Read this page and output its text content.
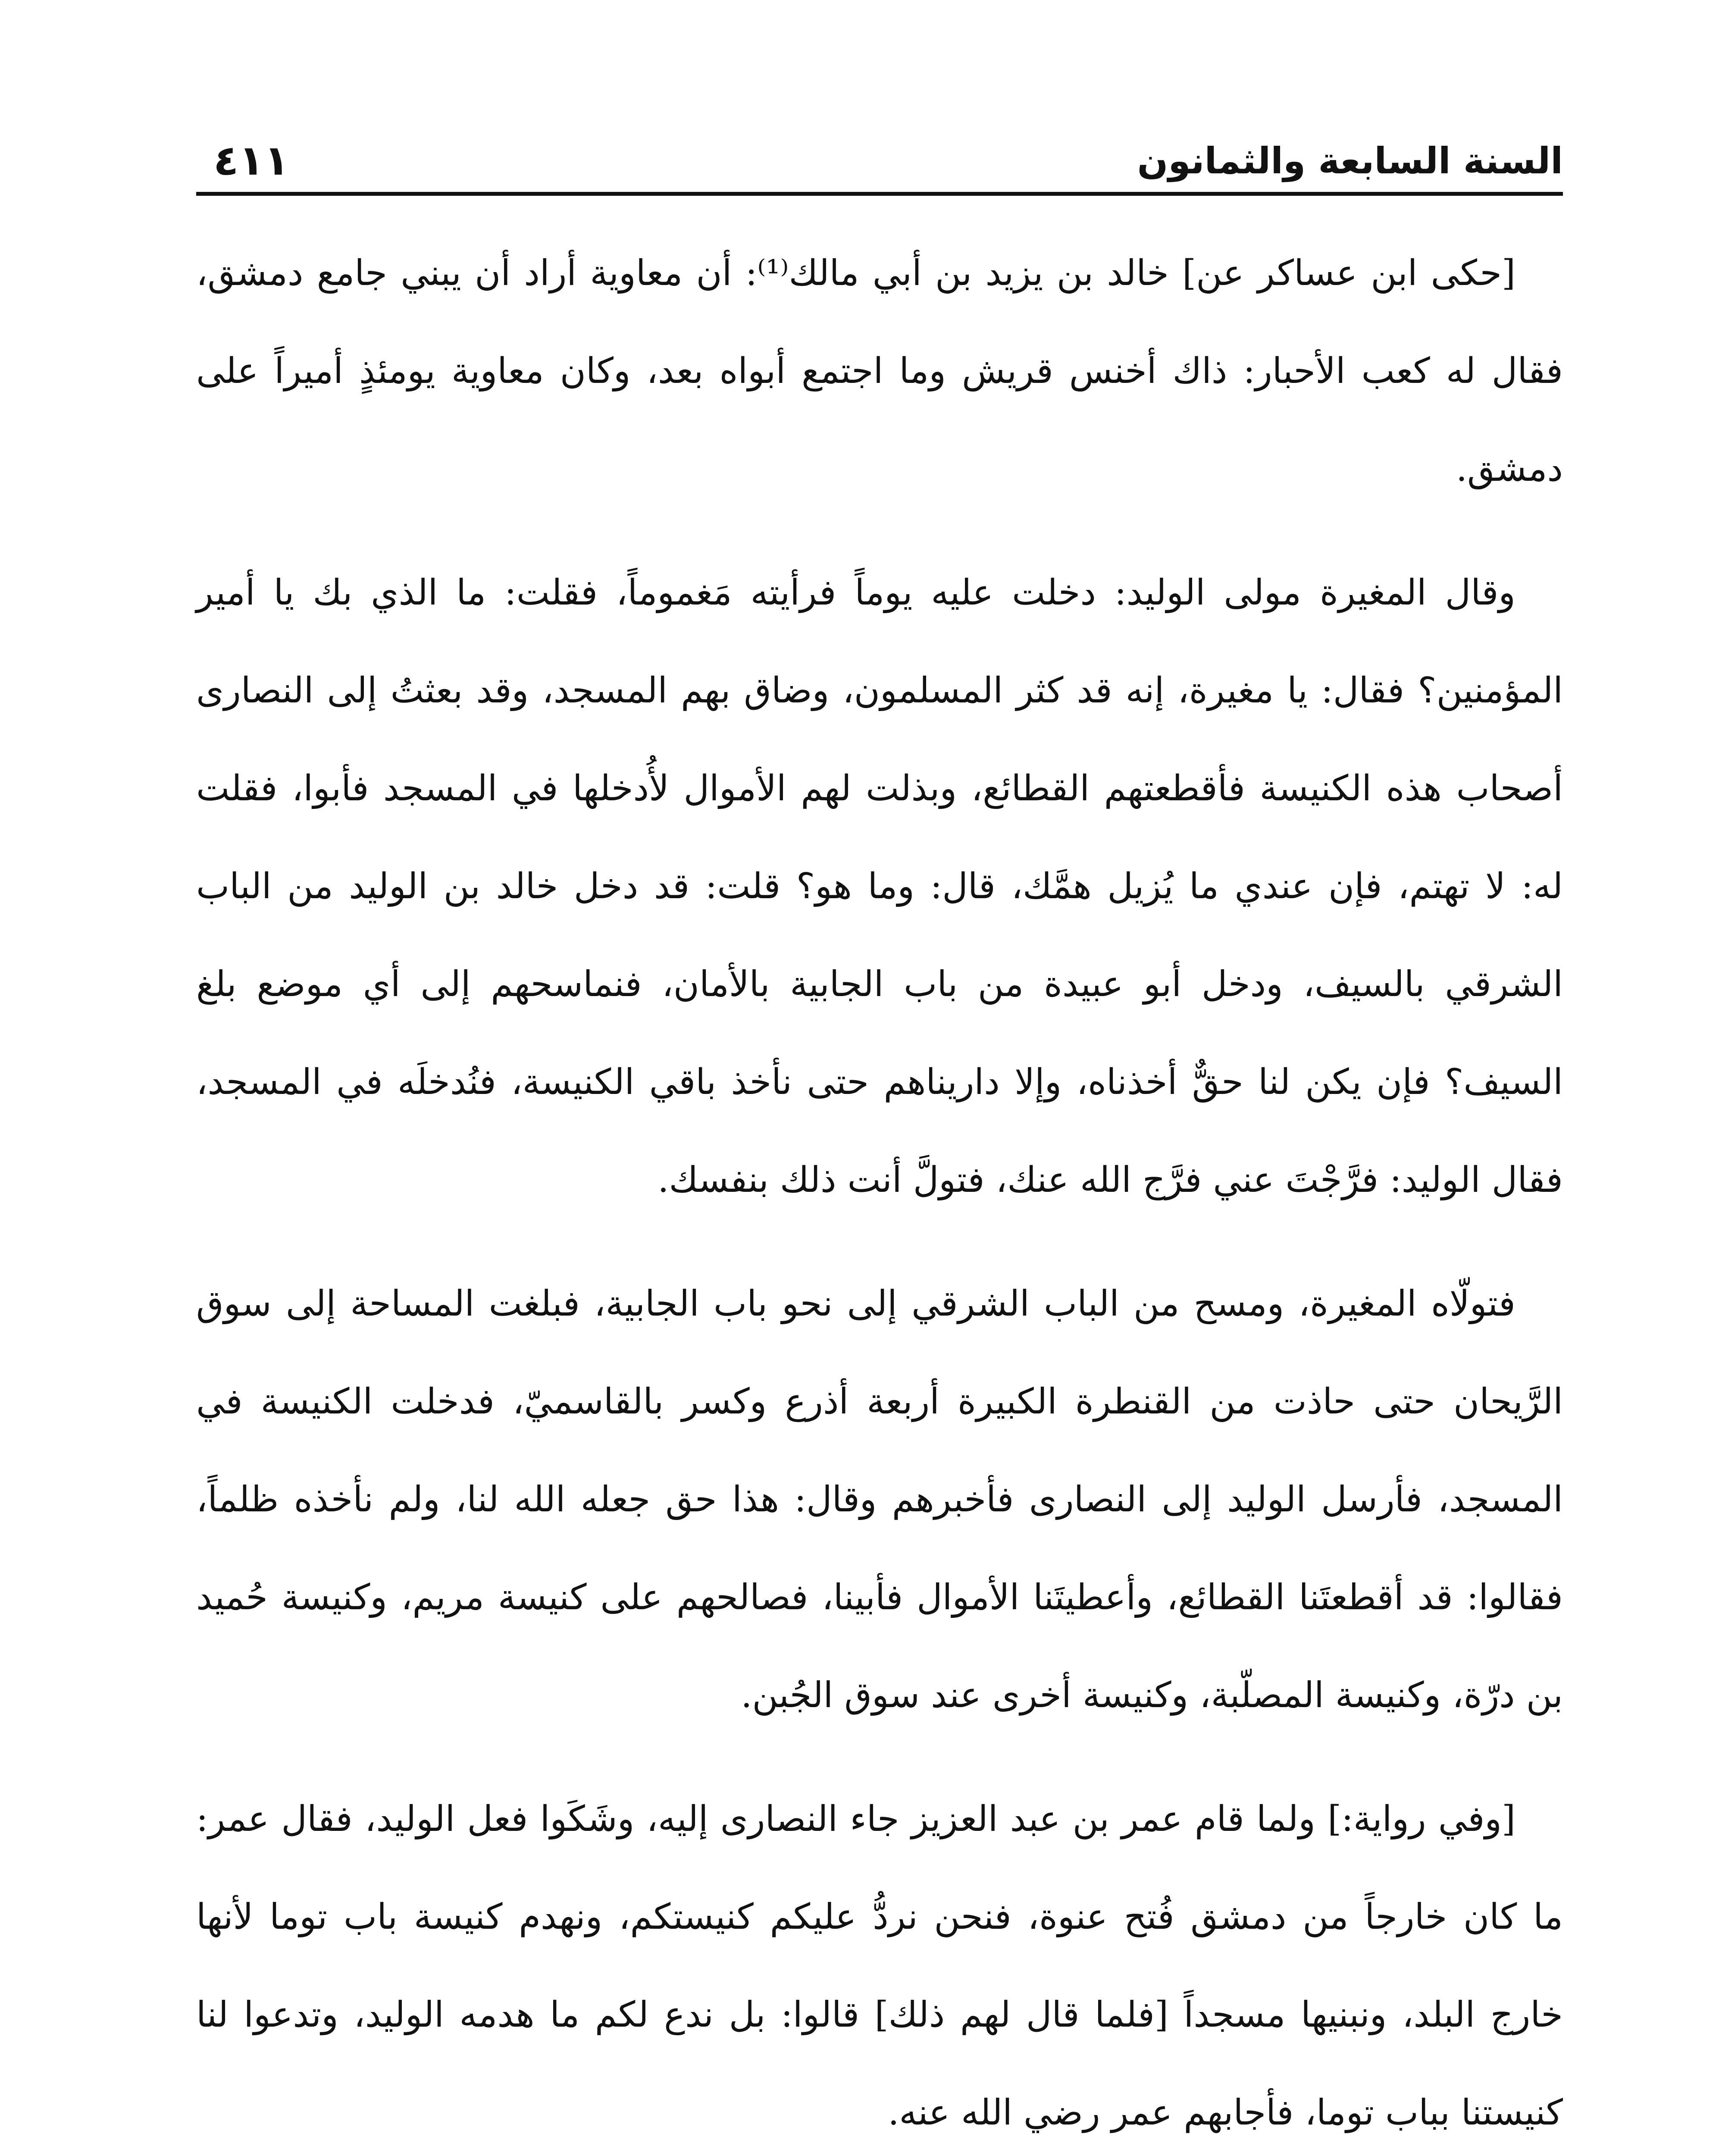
السنة السابعة والثمانون
٤١١

[حكى ابن عساكر عن] خالد بن يزيد بن أبي مالك⁽¹⁾: أن معاوية أراد أن يبني جامع دمشق، فقال له كعب الأحبار: ذاك أخنس قريش وما اجتمع أبواه بعد، وكان معاوية يومئذٍ أميراً على دمشق.

وقال المغيرة مولى الوليد: دخلت عليه يوماً فرأيته مَغموماً، فقلت: ما الذي بك يا أمير المؤمنين؟ فقال: يا مغيرة، إنه قد كثر المسلمون، وضاق بهم المسجد، وقد بعثتُ إلى النصارى أصحاب هذه الكنيسة فأقطعتهم القطائع، وبذلت لهم الأموال لأُدخلها في المسجد فأبوا، فقلت له: لا تهتم، فإن عندي ما يُزيل همَّك، قال: وما هو؟ قلت: قد دخل خالد بن الوليد من الباب الشرقي بالسيف، ودخل أبو عبيدة من باب الجابية بالأمان، فنماسحهم إلى أي موضع بلغ السيف؟ فإن يكن لنا حقٌّ أخذناه، وإلا داريناهم حتى نأخذ باقي الكنيسة، فنُدخلَه في المسجد، فقال الوليد: فرَّجْتَ عني فرَّج الله عنك، فتولَّ أنت ذلك بنفسك.

فتولّاه المغيرة، ومسح من الباب الشرقي إلى نحو باب الجابية، فبلغت المساحة إلى سوق الرَّيحان حتى حاذت من القنطرة الكبيرة أربعة أذرع وكسر بالقاسميّ، فدخلت الكنيسة في المسجد، فأرسل الوليد إلى النصارى فأخبرهم وقال: هذا حق جعله الله لنا، ولم نأخذه ظلماً، فقالوا: قد أقطعتَنا القطائع، وأعطيتَنا الأموال فأبينا، فصالحهم على كنيسة مريم، وكنيسة حُميد بن درّة، وكنيسة المصلّبة، وكنيسة أخرى عند سوق الجُبن.

[وفي رواية:] ولما قام عمر بن عبد العزيز جاء النصارى إليه، وشَكَوا فعل الوليد، فقال عمر: ما كان خارجاً من دمشق فُتح عنوة، فنحن نردُّ عليكم كنيستكم، ونهدم كنيسة باب توما لأنها خارج البلد، ونبنيها مسجداً [فلما قال لهم ذلك] قالوا: بل ندع لكم ما هدمه الوليد، وتدعوا لنا كنيستنا بباب توما، فأجابهم عمر رضي الله عنه.
